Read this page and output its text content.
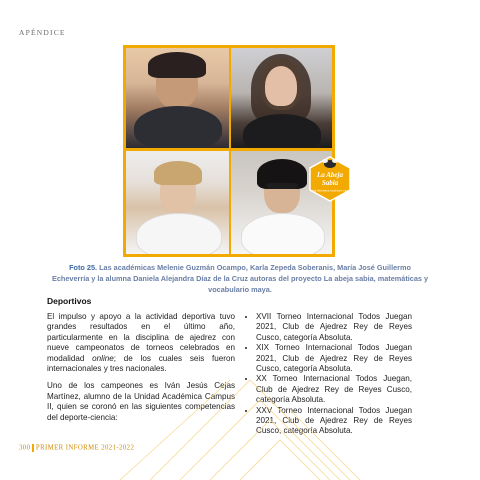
APÉNDICE
La Abeja
Sabia
Aula Matemática vocabulario maya
Foto 25. Las académicas Melenie Guzmán Ocampo, Karla Zepeda Soberanis, María José Guillermo Echeverría y la alumna Daniela Alejandra Díaz de la Cruz autoras del proyecto La abeja sabia, matemáticas y vocabulario maya.
Deportivos

El impulso y apoyo a la actividad deportiva tuvo grandes resultados en el último año, particularmente en la disciplina de ajedrez con nueve campeonatos de torneos celebrados en modalidad online; de los cuales seis fueron internacionales y tres nacionales.

Uno de los campeones es Iván Jesús Cejas Martínez, alumno de la Unidad Académica Campus II, quien se coronó en las siguientes competencias del deporte-ciencia:

• XVII Torneo Internacional Todos Juegan 2021, Club de Ajedrez Rey de Reyes Cusco, categoría Absoluta.
• XIX Torneo Internacional Todos Juegan 2021, Club de Ajedrez Rey de Reyes Cusco, categoría Absoluta.
• XX Torneo Internacional Todos Juegan, Club de Ajedrez Rey de Reyes Cusco, categoría Absoluta.
• XXV Torneo Internacional Todos Juegan 2021, Club de Ajedrez Rey de Reyes Cusco, categoría Absoluta.
300 PRIMER INFORME 2021-2022
